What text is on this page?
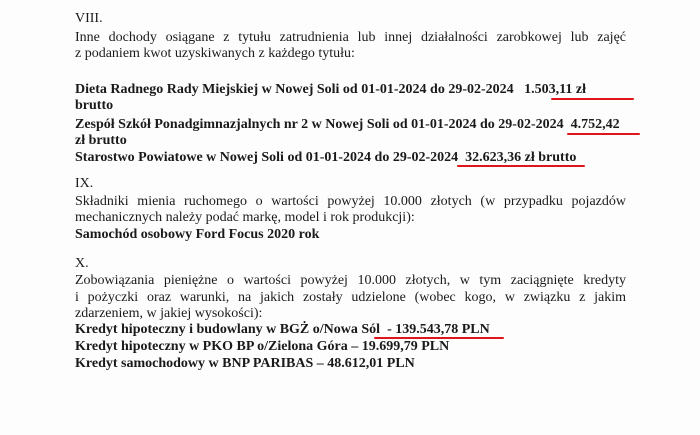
VIII.
Inne dochody osiągane z tytułu zatrudnienia lub innej działalności zarobkowej lub zajęć
z podaniem kwot uzyskiwanych z każdego tytułu:
Dieta Radnego Rady Miejskiej w Nowej Soli od 01-01-2024 do 29-02-2024 1.503,11 zł
brutto
Zespół Szkół Ponadgimnazjalnych nr 2 w Nowej Soli od 01-01-2024 do 29-02-2024 4.752,42
zł brutto
Starostwo Powiatowe w Nowej Soli od 01-01-2024 do 29-02-2024 32.623,36 zł brutto
IX.
Składniki mienia ruchomego o wartości powyżej 10.000 złotych (w przypadku pojazdów
mechanicznych należy podać markę, model i rok produkcji):
Samochód osobowy Ford Focus 2020 rok
X.
Zobowiązania pieniężne o wartości powyżej 10.000 złotych, w tym zaciągnięte kredyty
i pożyczki oraz warunki, na jakich zostały udzielone (wobec kogo, w związku z jakim
zdarzeniem, w jakiej wysokości):
Kredyt hipoteczny i budowlany w BGŻ o/Nowa Sól - 139.543,78 PLN
Kredyt hipoteczny w PKO BP o/Zielona Góra – 19.699,79 PLN
Kredyt samochodowy w BNP PARIBAS – 48.612,01 PLN
